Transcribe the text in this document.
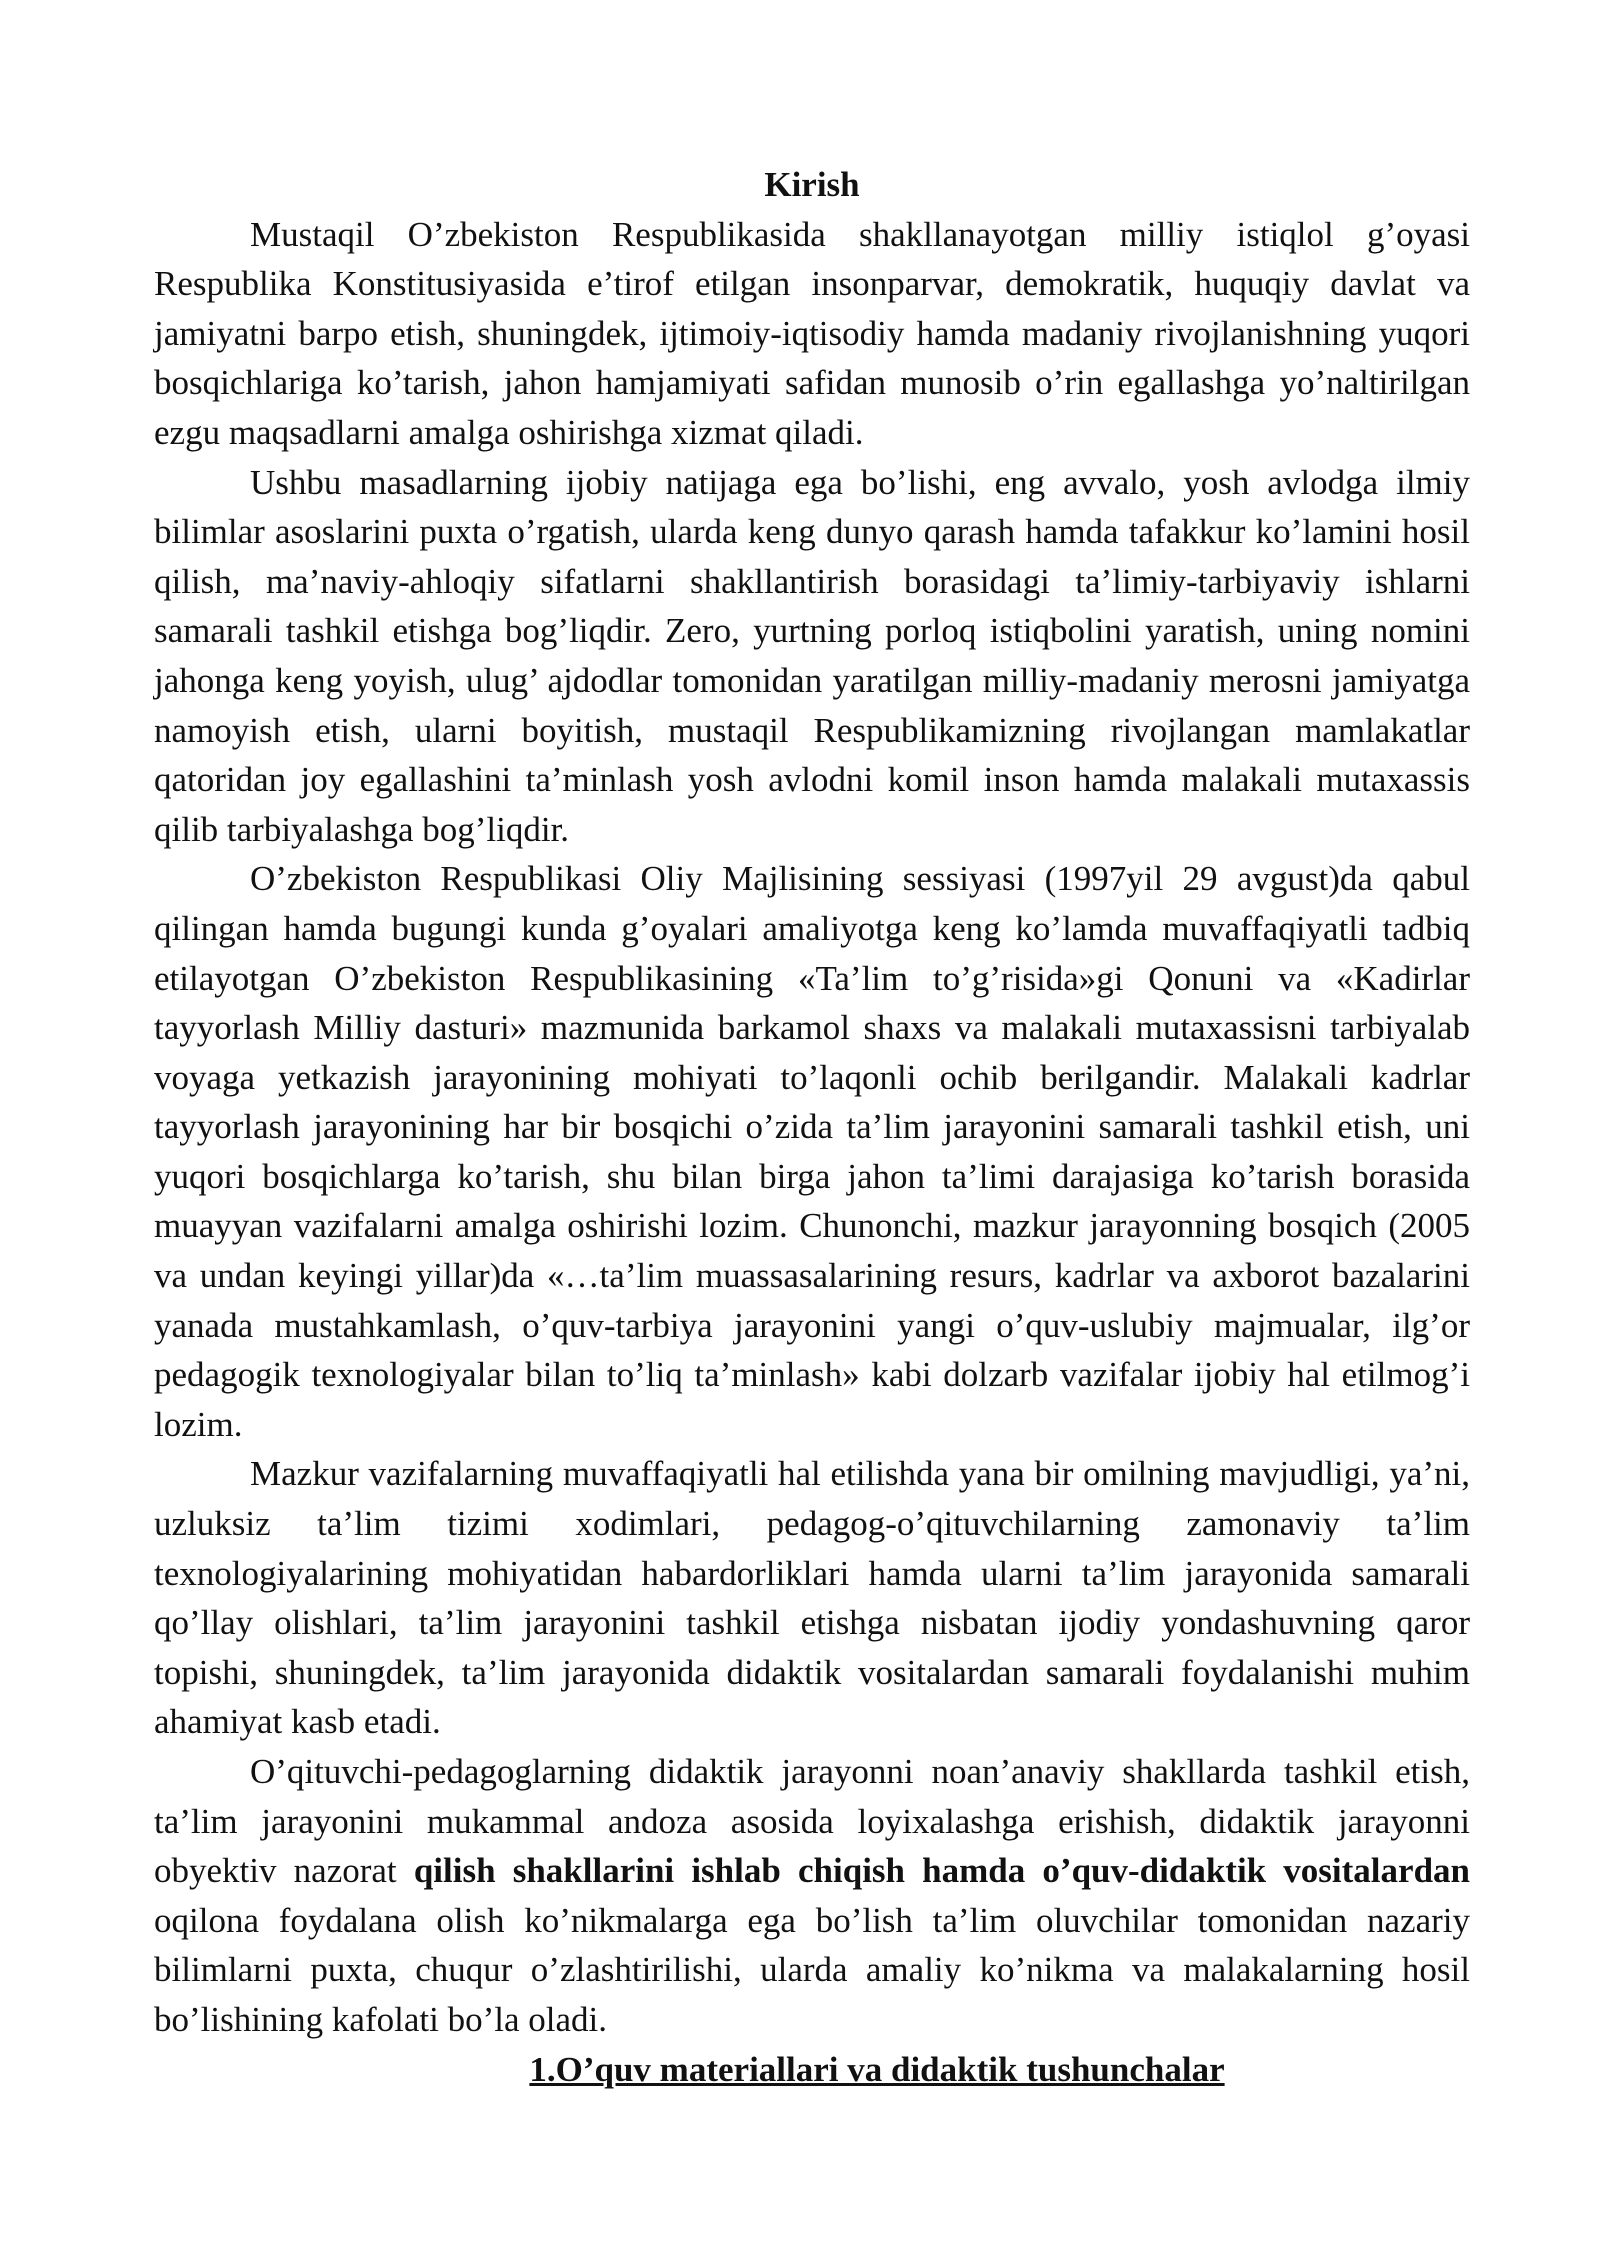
Kirish

Mustaqil O’zbekiston Respublikasida shakllanayotgan milliy istiqlol g’oyasi Respublika Konstitusiyasida e’tirof etilgan insonparvar, demokratik, huquqiy davlat va jamiyatni barpo etish, shuningdek, ijtimoiy-iqtisodiy hamda madaniy rivojlanishning yuqori bosqichlariga ko’tarish, jahon hamjamiyati safidan munosib o’rin egallashga yo’naltirilgan ezgu maqsadlarni amalga oshirishga xizmat qiladi.

Ushbu masadlarning ijobiy natijaga ega bo’lishi, eng avvalo, yosh avlodga ilmiy bilimlar asoslarini puxta o’rgatish, ularda keng dunyo qarash hamda tafakkur ko’lamini hosil qilish, ma’naviy-ahloqiy sifatlarni shakllantirish borasidagi ta’limiy-tarbiyaviy ishlarni samarali tashkil etishga bog’liqdir. Zero, yurtning porloq istiqbolini yaratish, uning nomini jahonga keng yoyish, ulug’ ajdodlar tomonidan yaratilgan milliy-madaniy merosni jamiyatga namoyish etish, ularni boyitish, mustaqil Respublikamizning rivojlangan mamlakatlar qatoridan joy egallashini ta’minlash yosh avlodni komil inson hamda malakali mutaxassis qilib tarbiyalashga bog’liqdir.

O’zbekiston Respublikasi Oliy Majlisining sessiyasi (1997yil 29 avgust)da qabul qilingan hamda bugungi kunda g’oyalari amaliyotga keng ko’lamda muvaffaqiyatli tadbiq etilayotgan O’zbekiston Respublikasining «Ta’lim to’g’risida»gi Qonuni va «Kadirlar tayyorlash Milliy dasturi» mazmunida barkamol shaxs va malakali mutaxassisni tarbiyalab voyaga yetkazish jarayonining mohiyati to’laqonli ochib berilgandir. Malakali kadrlar tayyorlash jarayonining har bir bosqichi o’zida ta’lim jarayonini samarali tashkil etish, uni yuqori bosqichlarga ko’tarish, shu bilan birga jahon ta’limi darajasiga ko’tarish borasida muayyan vazifalarni amalga oshirishi lozim. Chunonchi, mazkur jarayonning bosqich (2005 va undan keyingi yillar)da «…ta’lim muassasalarining resurs, kadrlar va axborot bazalarini yanada mustahkamlash, o’quv-tarbiya jarayonini yangi o’quv-uslubiy majmualar, ilg’or pedagogik texnologiyalar bilan to’liq ta’minlash» kabi dolzarb vazifalar ijobiy hal etilmog’i lozim.

Mazkur vazifalarning muvaffaqiyatli hal etilishda yana bir omilning mavjudligi, ya’ni, uzluksiz ta’lim tizimi xodimlari, pedagog-o’qituvchilarning zamonaviy ta’lim texnologiyalarining mohiyatidan habardorliklari hamda ularni ta’lim jarayonida samarali qo’llay olishlari, ta’lim jarayonini tashkil etishga nisbatan ijodiy yondashuvning qaror topishi, shuningdek, ta’lim jarayonida didaktik vositalardan samarali foydalanishi muhim ahamiyat kasb etadi.

O’qituvchi-pedagoglarning didaktik jarayonni noan’anaviy shakllarda tashkil etish, ta’lim jarayonini mukammal andoza asosida loyixalashga erishish, didaktik jarayonni obyektiv nazorat qilish shakllarini ishlab chiqish hamda o’quv-didaktik vositalardan oqilona foydalana olish ko’nikmalarga ega bo’lish ta’lim oluvchilar tomonidan nazariy bilimlarni puxta, chuqur o’zlashtirilishi, ularda amaliy ko’nikma va malakalarning hosil bo’lishining kafolati bo’la oladi.

1.O’quv materiallari va didaktik tushunchalar
